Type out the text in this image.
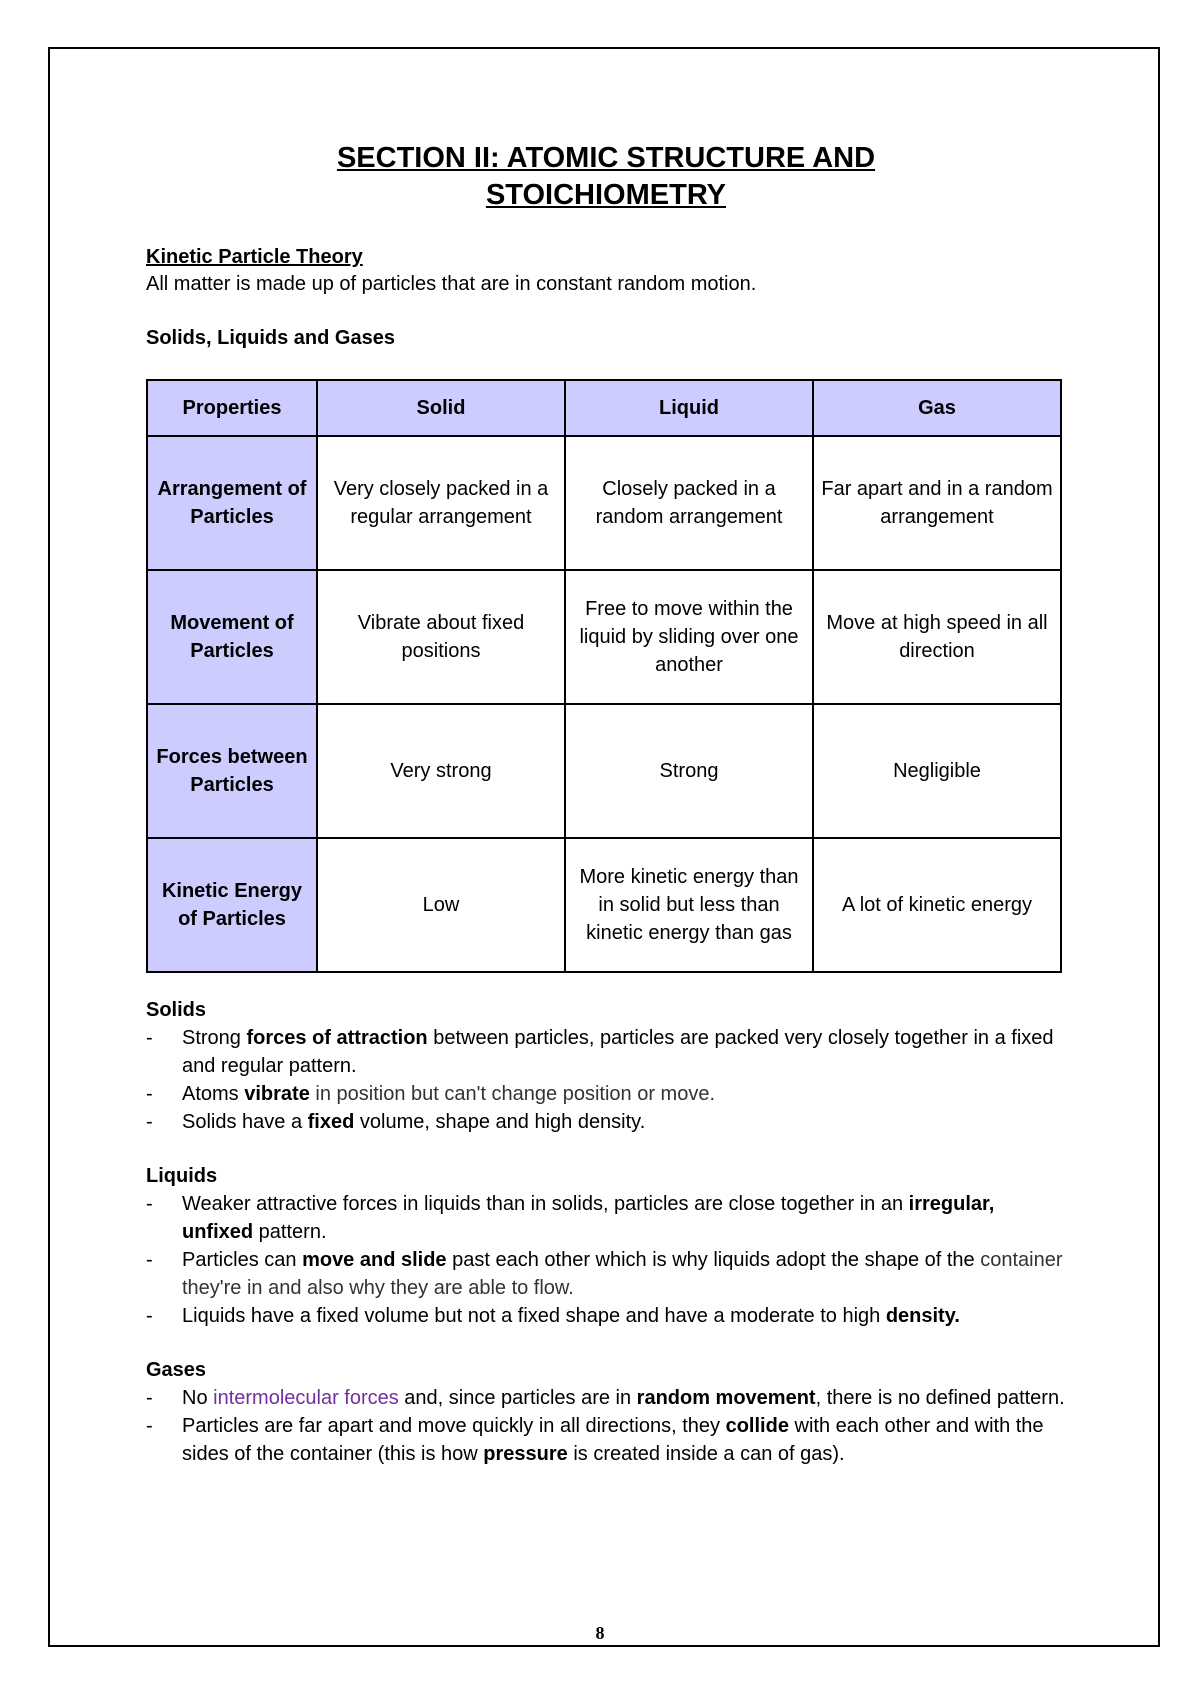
SECTION II: ATOMIC STRUCTURE AND
STOICHIOMETRY
Kinetic Particle Theory
All matter is made up of particles that are in constant random motion.
Solids, Liquids and Gases
Properties	Solid	Liquid	Gas
Arrangement of Particles	Very closely packed in a regular arrangement	Closely packed in a random arrangement	Far apart and in a random arrangement
Movement of Particles	Vibrate about fixed positions	Free to move within the liquid by sliding over one another	Move at high speed in all direction
Forces between Particles	Very strong	Strong	Negligible
Kinetic Energy of Particles	Low	More kinetic energy than in solid but less than kinetic energy than gas	A lot of kinetic energy
Solids
- Strong forces of attraction between particles, particles are packed very closely together in a fixed and regular pattern.
- Atoms vibrate in position but can't change position or move.
- Solids have a fixed volume, shape and high density.
Liquids
- Weaker attractive forces in liquids than in solids, particles are close together in an irregular, unfixed pattern.
- Particles can move and slide past each other which is why liquids adopt the shape of the container they're in and also why they are able to flow.
- Liquids have a fixed volume but not a fixed shape and have a moderate to high density.
Gases
- No intermolecular forces and, since particles are in random movement, there is no defined pattern.
- Particles are far apart and move quickly in all directions, they collide with each other and with the sides of the container (this is how pressure is created inside a can of gas).
8
